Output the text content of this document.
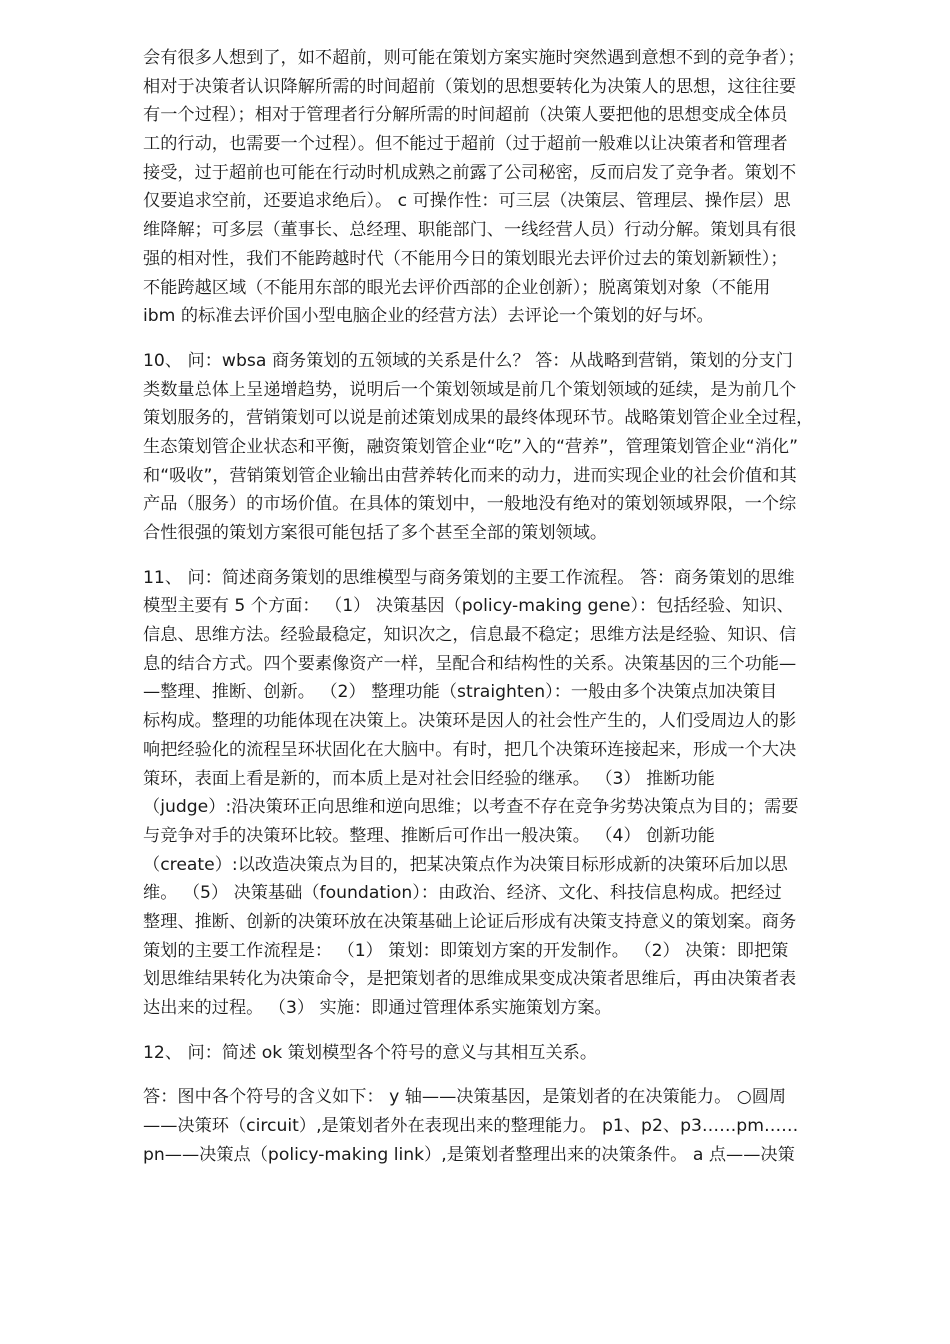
会有很多人想到了，如不超前，则可能在策划方案实施时突然遇到意想不到的竞争者）；
相对于决策者认识降解所需的时间超前（策划的思想要转化为决策人的思想，这往往要
有一个过程）；相对于管理者行分解所需的时间超前（决策人要把他的思想变成全体员
工的行动，也需要一个过程）。但不能过于超前（过于超前一般难以让决策者和管理者
接受，过于超前也可能在行动时机成熟之前露了公司秘密，反而启发了竞争者。策划不
仅要追求空前，还要追求绝后）。 c 可操作性：可三层（决策层、管理层、操作层）思
维降解；可多层（董事长、总经理、职能部门、一线经营人员）行动分解。策划具有很
强的相对性，我们不能跨越时代（不能用今日的策划眼光去评价过去的策划新颖性）；
不能跨越区域（不能用东部的眼光去评价西部的企业创新）；脱离策划对象（不能用
ibm 的标准去评价国小型电脑企业的经营方法）去评论一个策划的好与坏。
10、 问：wbsa 商务策划的五领域的关系是什么？ 答：从战略到营销，策划的分支门
类数量总体上呈递增趋势，说明后一个策划领域是前几个策划领域的延续，是为前几个
策划服务的，营销策划可以说是前述策划成果的最终体现环节。战略策划管企业全过程，
生态策划管企业状态和平衡，融资策划管企业“吃”入的“营养”，管理策划管企业“消化”
和“吸收”，营销策划管企业输出由营养转化而来的动力，进而实现企业的社会价值和其
产品（服务）的市场价值。在具体的策划中，一般地没有绝对的策划领域界限，一个综
合性很强的策划方案很可能包括了多个甚至全部的策划领域。
11、 问：简述商务策划的思维模型与商务策划的主要工作流程。 答：商务策划的思维
模型主要有 5 个方面： （1） 决策基因（policy-making gene）：包括经验、知识、
信息、思维方法。经验最稳定，知识次之，信息最不稳定；思维方法是经验、知识、信
息的结合方式。四个要素像资产一样，呈配合和结构性的关系。决策基因的三个功能—
—整理、推断、创新。 （2） 整理功能（straighten）：一般由多个决策点加决策目
标构成。整理的功能体现在决策上。决策环是因人的社会性产生的，人们受周边人的影
响把经验化的流程呈环状固化在大脑中。有时，把几个决策环连接起来，形成一个大决
策环，表面上看是新的，而本质上是对社会旧经验的继承。 （3） 推断功能
（judge）:沿决策环正向思维和逆向思维；以考查不存在竞争劣势决策点为目的；需要
与竞争对手的决策环比较。整理、推断后可作出一般决策。 （4） 创新功能
（create）:以改造决策点为目的，把某决策点作为决策目标形成新的决策环后加以思
维。 （5） 决策基础（foundation）：由政治、经济、文化、科技信息构成。把经过
整理、推断、创新的决策环放在决策基础上论证后形成有决策支持意义的策划案。商务
策划的主要工作流程是： （1） 策划：即策划方案的开发制作。 （2） 决策：即把策
划思维结果转化为决策命令，是把策划者的思维成果变成决策者思维后，再由决策者表
达出来的过程。 （3） 实施：即通过管理体系实施策划方案。
12、 问：简述 ok 策划模型各个符号的意义与其相互关系。
答：图中各个符号的含义如下： y 轴——决策基因，是策划者的在决策能力。 ○圆周
——决策环（circuit）,是策划者外在表现出来的整理能力。 p1、p2、p3……pm……
pn——决策点（policy-making link）,是策划者整理出来的决策条件。 a 点——决策
